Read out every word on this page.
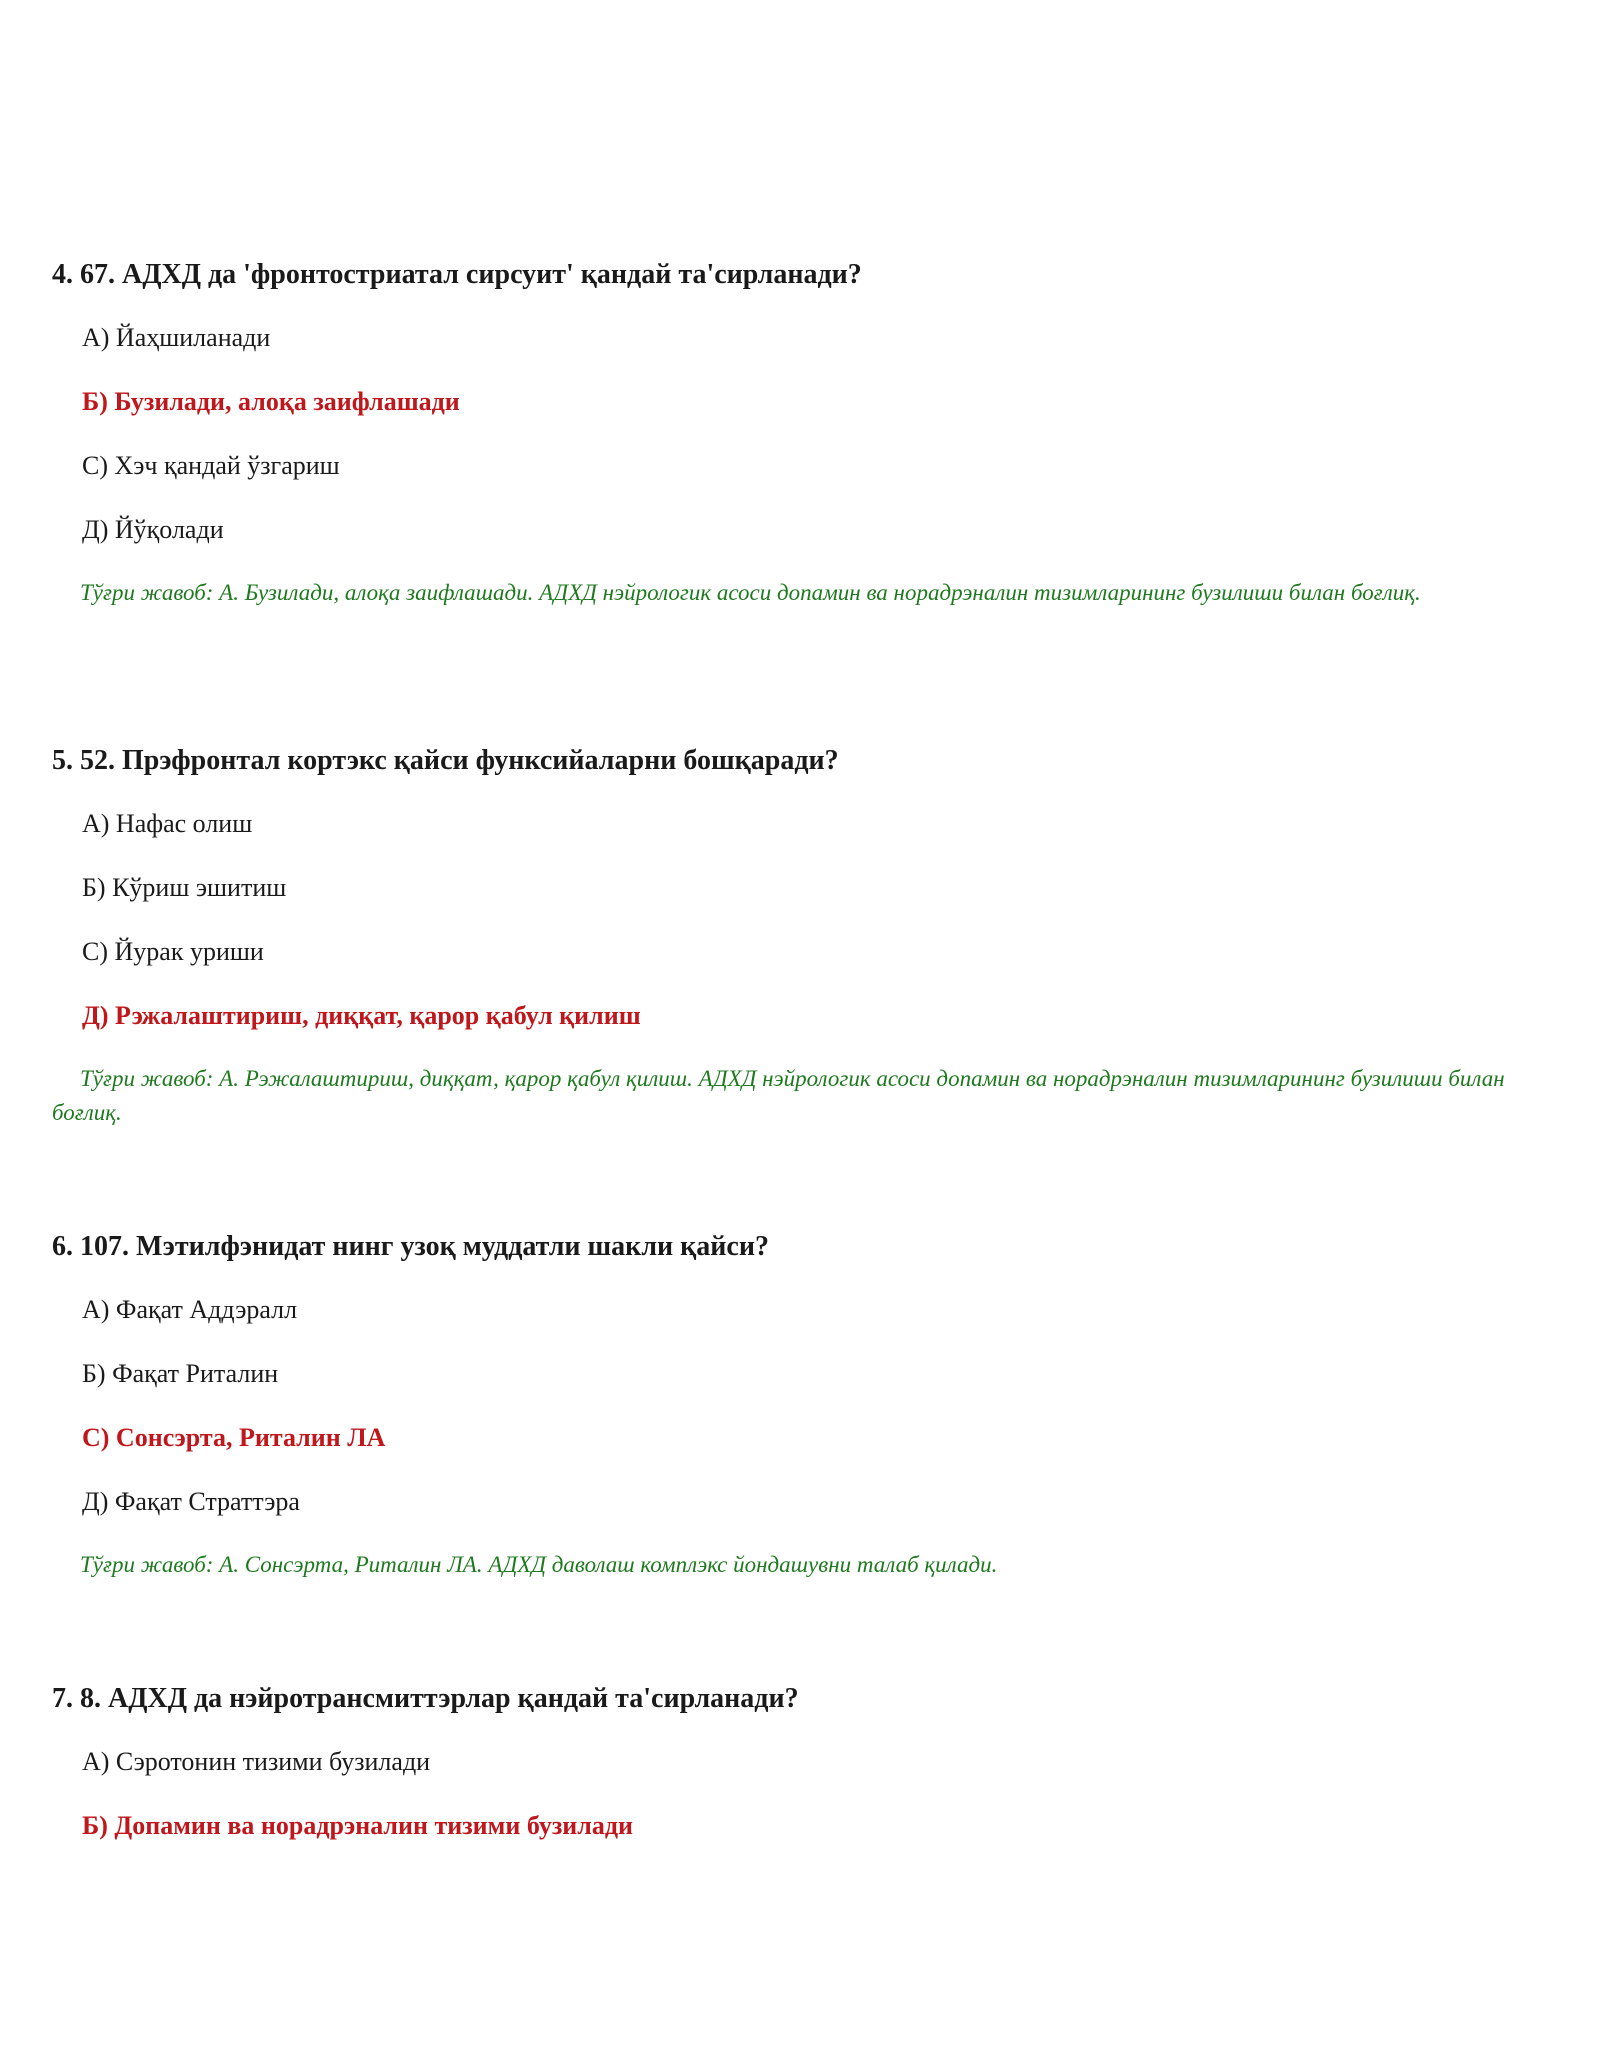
4. 67. АДХД да 'фронтостриатал сирсуит' қандай та'сирланади?

А) Йаҳшиланади

Б) Бузилади, алоқа заифлашади

С) Хэч қандай ўзгариш

Д) Йўқолади

Тўғри жавоб: А. Бузилади, алоқа заифлашади. АДХД нэйрологик асоси допамин ва норадрэналин тизимларининг бузилиши билан боғлиқ.

5. 52. Прэфронтал кортэкс қайси функсийаларни бошқаради?

А) Нафас олиш

Б) Кўриш эшитиш

С) Йурак уриши

Д) Рэжалаштириш, диққат, қарор қабул қилиш

Тўғри жавоб: А. Рэжалаштириш, диққат, қарор қабул қилиш. АДХД нэйрологик асоси допамин ва норадрэналин тизимларининг бузилиши билан боғлиқ.

6. 107. Мэтилфэнидат нинг узоқ муддатли шакли қайси?

А) Фақат Аддэралл

Б) Фақат Риталин

С) Сонсэрта, Риталин ЛА

Д) Фақат Страттэра

Тўғри жавоб: А. Сонсэрта, Риталин ЛА. АДХД даволаш комплэкс йондашувни талаб қилади.

7. 8. АДХД да нэйротрансмиттэрлар қандай та'сирланади?

А) Сэротонин тизими бузилади

Б) Допамин ва норадрэналин тизими бузилади
